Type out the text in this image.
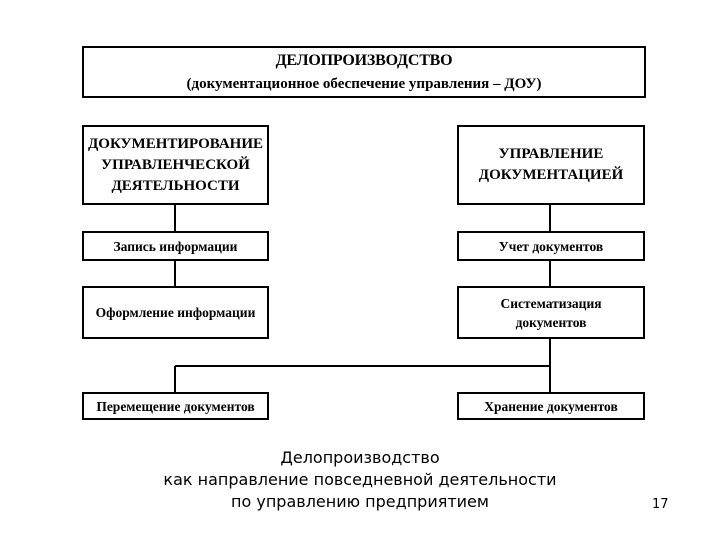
ДЕЛОПРОИЗВОДСТВО
(документационное обеспечение управления – ДОУ)
ДОКУМЕНТИРОВАНИЕ
УПРАВЛЕНЧЕСКОЙ
ДЕЯТЕЛЬНОСТИ
УПРАВЛЕНИЕ
ДОКУМЕНТАЦИЕЙ
Запись информации
Оформление информации
Учет документов
Систематизация
документов
Перемещение документов	Хранение документов
Делопроизводство
как направление повседневной деятельности
по управлению предприятием	17
